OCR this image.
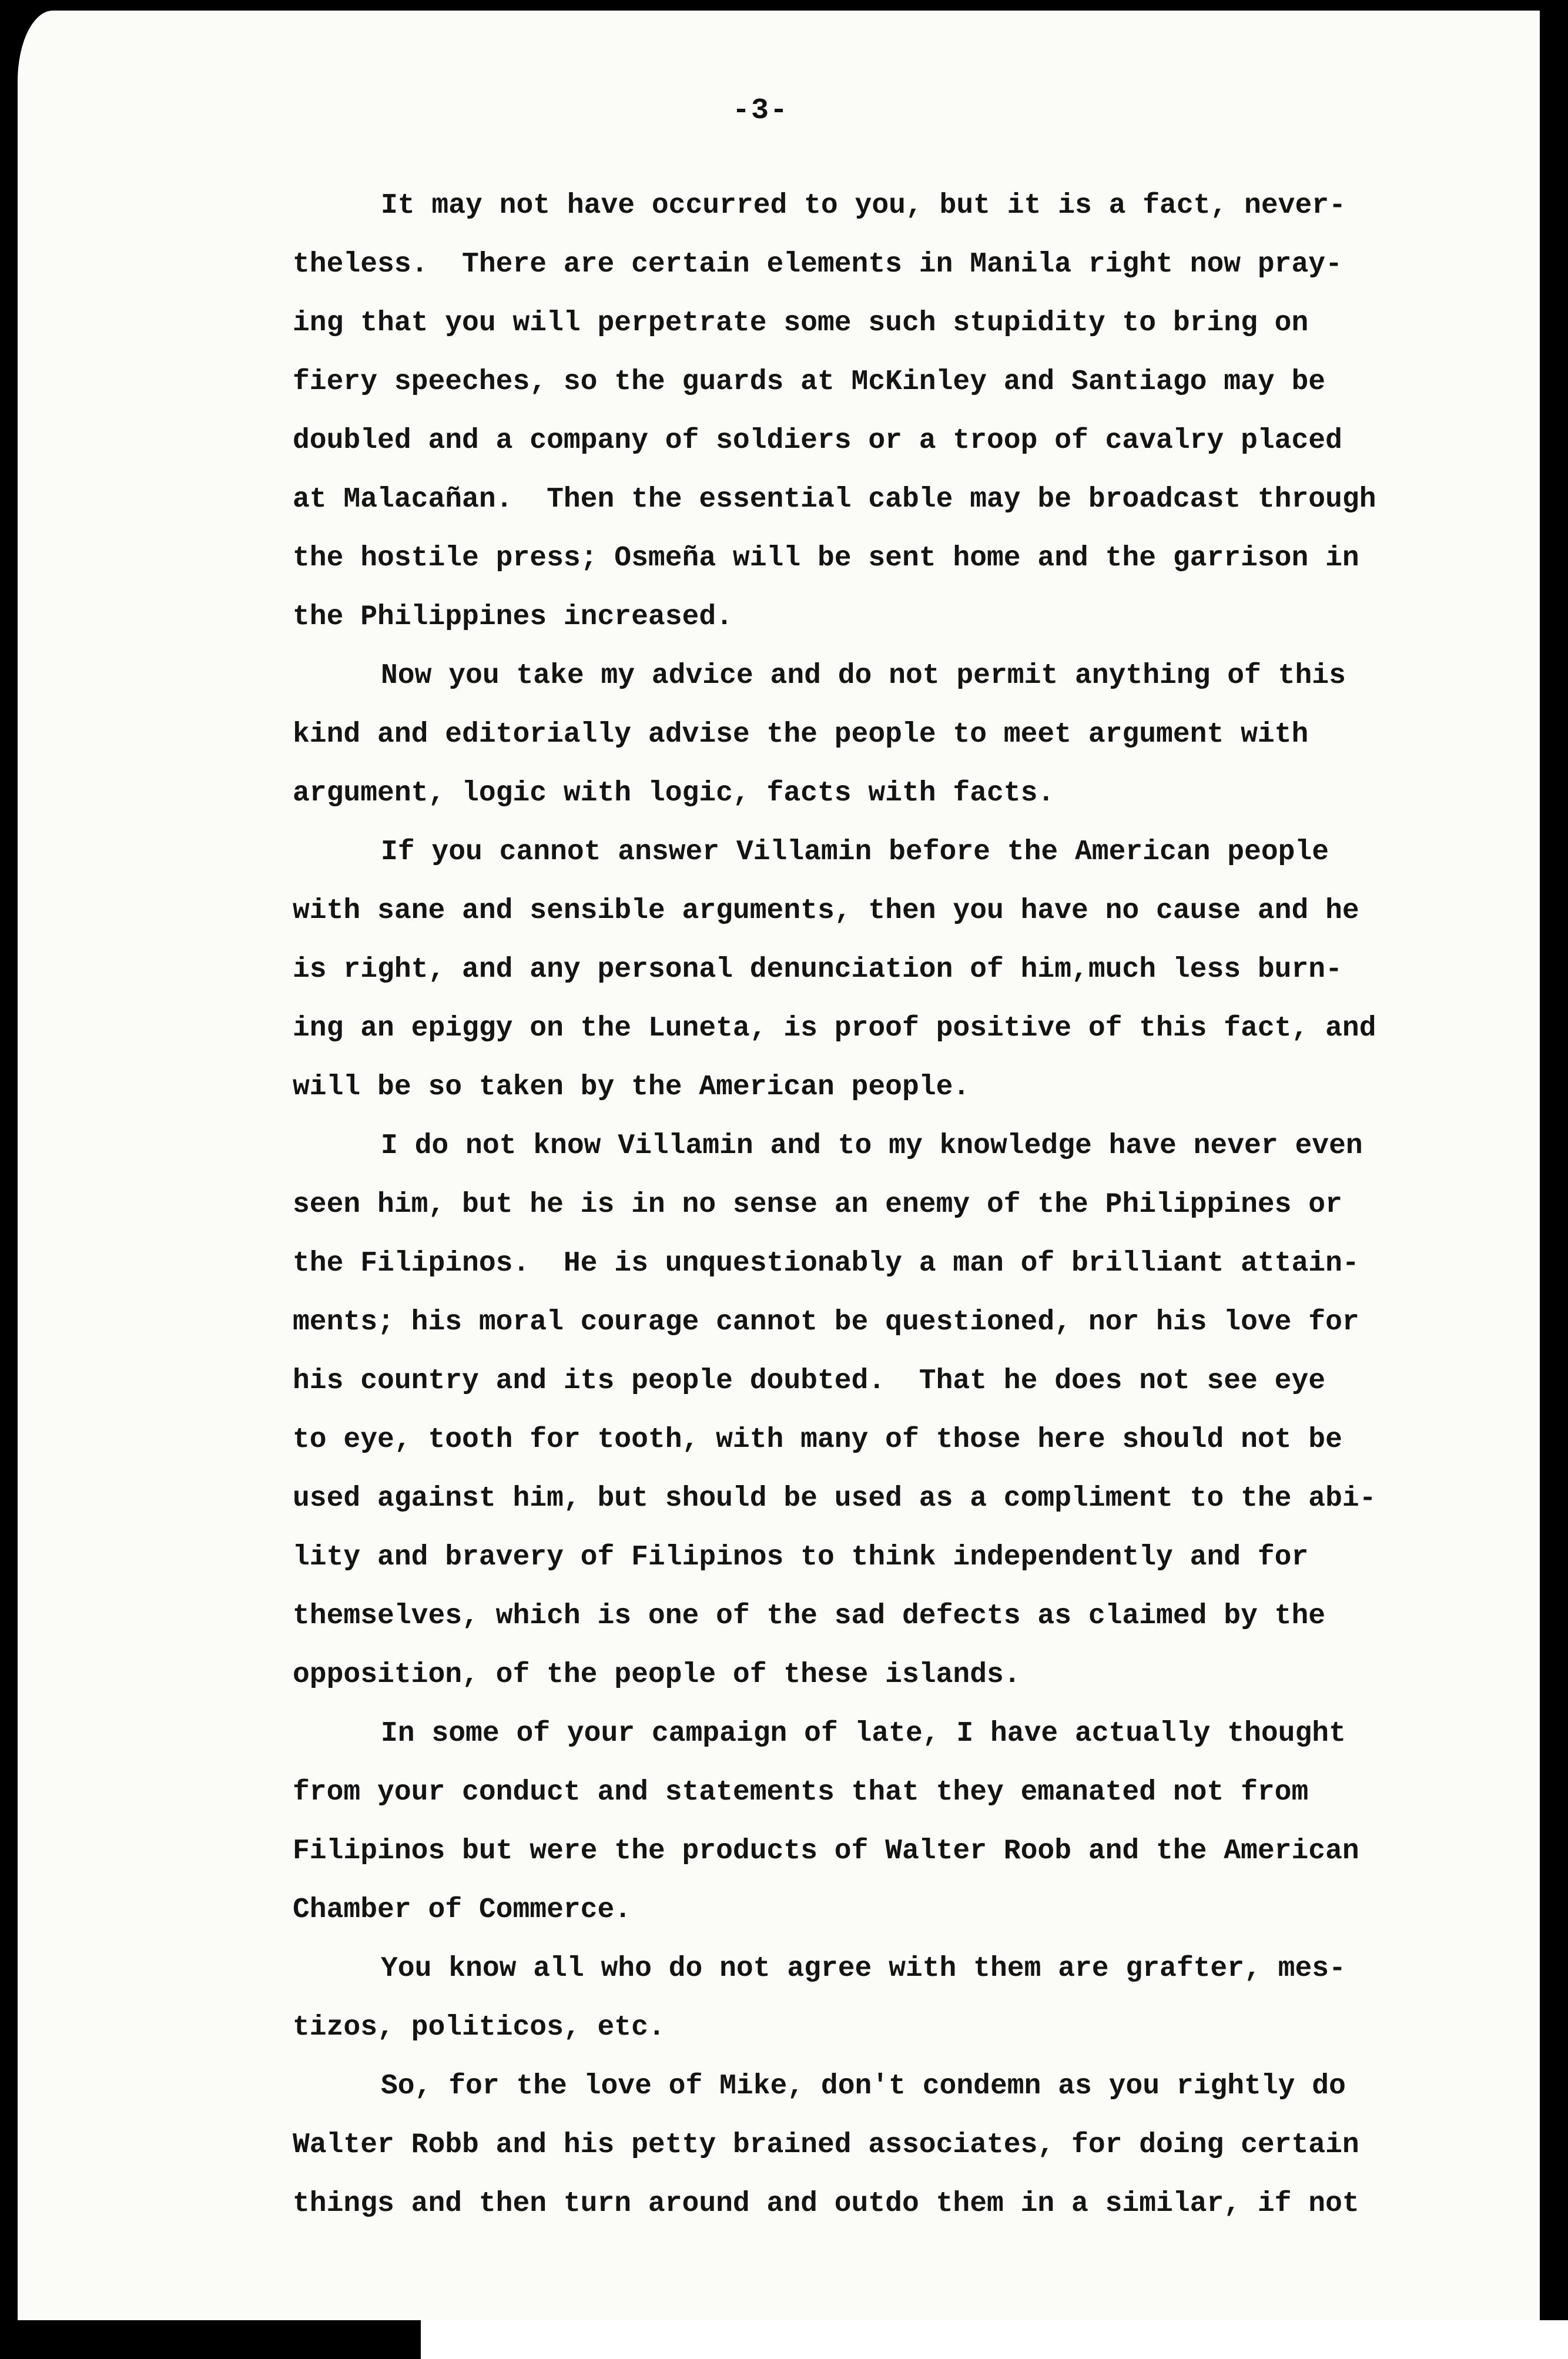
-3-
It may not have occurred to you, but it is a fact, never-
theless.  There are certain elements in Manila right now pray-
ing that you will perpetrate some such stupidity to bring on
fiery speeches, so the guards at McKinley and Santiago may be
doubled and a company of soldiers or a troop of cavalry placed
at Malacañan.  Then the essential cable may be broadcast through
the hostile press; Osmeña will be sent home and the garrison in
the Philippines increased.
Now you take my advice and do not permit anything of this
kind and editorially advise the people to meet argument with
argument, logic with logic, facts with facts.
If you cannot answer Villamin before the American people
with sane and sensible arguments, then you have no cause and he
is right, and any personal denunciation of him,much less burn-
ing an epiggy on the Luneta, is proof positive of this fact, and
will be so taken by the American people.
I do not know Villamin and to my knowledge have never even
seen him, but he is in no sense an enemy of the Philippines or
the Filipinos.  He is unquestionably a man of brilliant attain-
ments; his moral courage cannot be questioned, nor his love for
his country and its people doubted.  That he does not see eye
to eye, tooth for tooth, with many of those here should not be
used against him, but should be used as a compliment to the abi-
lity and bravery of Filipinos to think independently and for
themselves, which is one of the sad defects as claimed by the
opposition, of the people of these islands.
In some of your campaign of late, I have actually thought
from your conduct and statements that they emanated not from
Filipinos but were the products of Walter Roob and the American
Chamber of Commerce.
You know all who do not agree with them are grafter, mes-
tizos, politicos, etc.
So, for the love of Mike, don't condemn as you rightly do
Walter Robb and his petty brained associates, for doing certain
things and then turn around and outdo them in a similar, if not
